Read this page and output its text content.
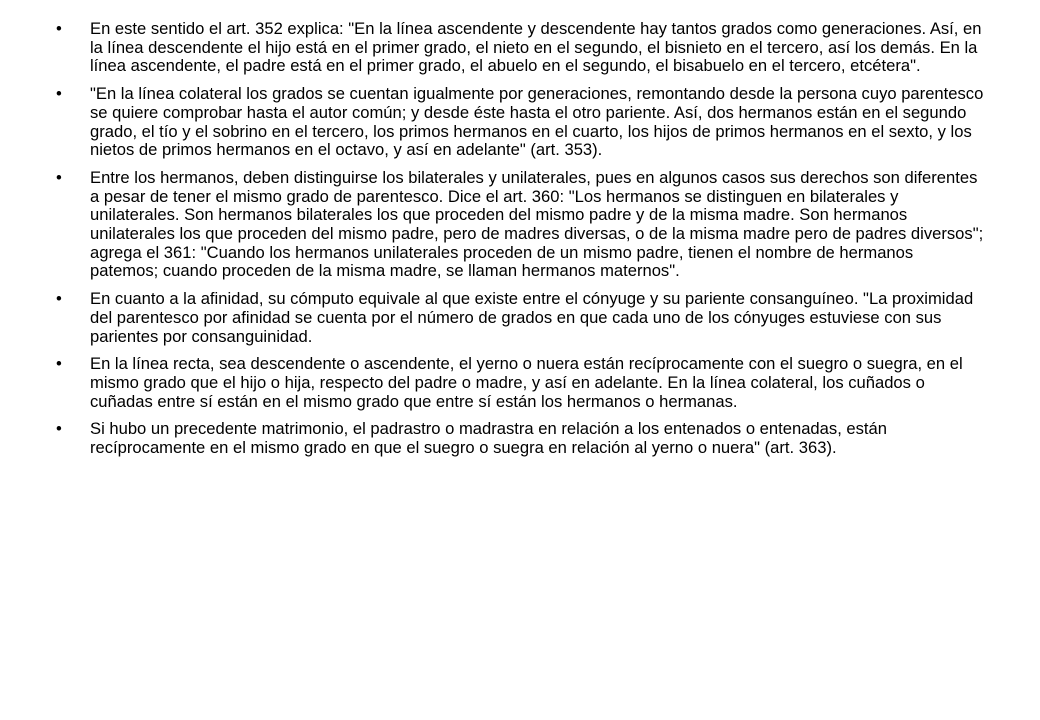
• En este sentido el art. 352 explica: "En la línea ascendente y descendente hay tantos grados como generaciones. Así, en la línea descendente el hijo está en el primer grado, el nieto en el segundo, el bisnieto en el tercero, así los demás. En la línea ascendente, el padre está en el primer grado, el abuelo en el segundo, el bisabuelo en el tercero, etcétera".
• "En la línea colateral los grados se cuentan igualmente por generaciones, remontando desde la persona cuyo parentesco se quiere comprobar hasta el autor común; y desde éste hasta el otro pariente. Así, dos hermanos están en el segundo grado, el tío y el sobrino en el tercero, los primos hermanos en el cuarto, los hijos de primos hermanos en el sexto, y los nietos de primos hermanos en el octavo, y así en adelante" (art. 353).
• Entre los hermanos, deben distinguirse los bilaterales y unilaterales, pues en algunos casos sus derechos son diferentes a pesar de tener el mismo grado de parentesco. Dice el art. 360: "Los hermanos se distinguen en bilaterales y unilaterales. Son hermanos bilaterales los que proceden del mismo padre y de la misma madre. Son hermanos unilaterales los que proceden del mismo padre, pero de madres diversas, o de la misma madre pero de padres diversos"; agrega el 361: "Cuando los hermanos unilaterales proceden de un mismo padre, tienen el nombre de hermanos patemos; cuando proceden de la misma madre, se llaman hermanos maternos".
• En cuanto a la afinidad, su cómputo equivale al que existe entre el cónyuge y su pariente consanguíneo. "La proximidad del parentesco por afinidad se cuenta por el número de grados en que cada uno de los cónyuges estuviese con sus parientes por consanguinidad.
• En la línea recta, sea descendente o ascendente, el yerno o nuera están recíprocamente con el suegro o suegra, en el mismo grado que el hijo o hija, respecto del padre o madre, y así en adelante. En la línea colateral, los cuñados o cuñadas entre sí están en el mismo grado que entre sí están los hermanos o hermanas.
• Si hubo un precedente matrimonio, el padrastro o madrastra en relación a los entenados o entenadas, están recíprocamente en el mismo grado en que el suegro o suegra en relación al yerno o nuera" (art. 363).
